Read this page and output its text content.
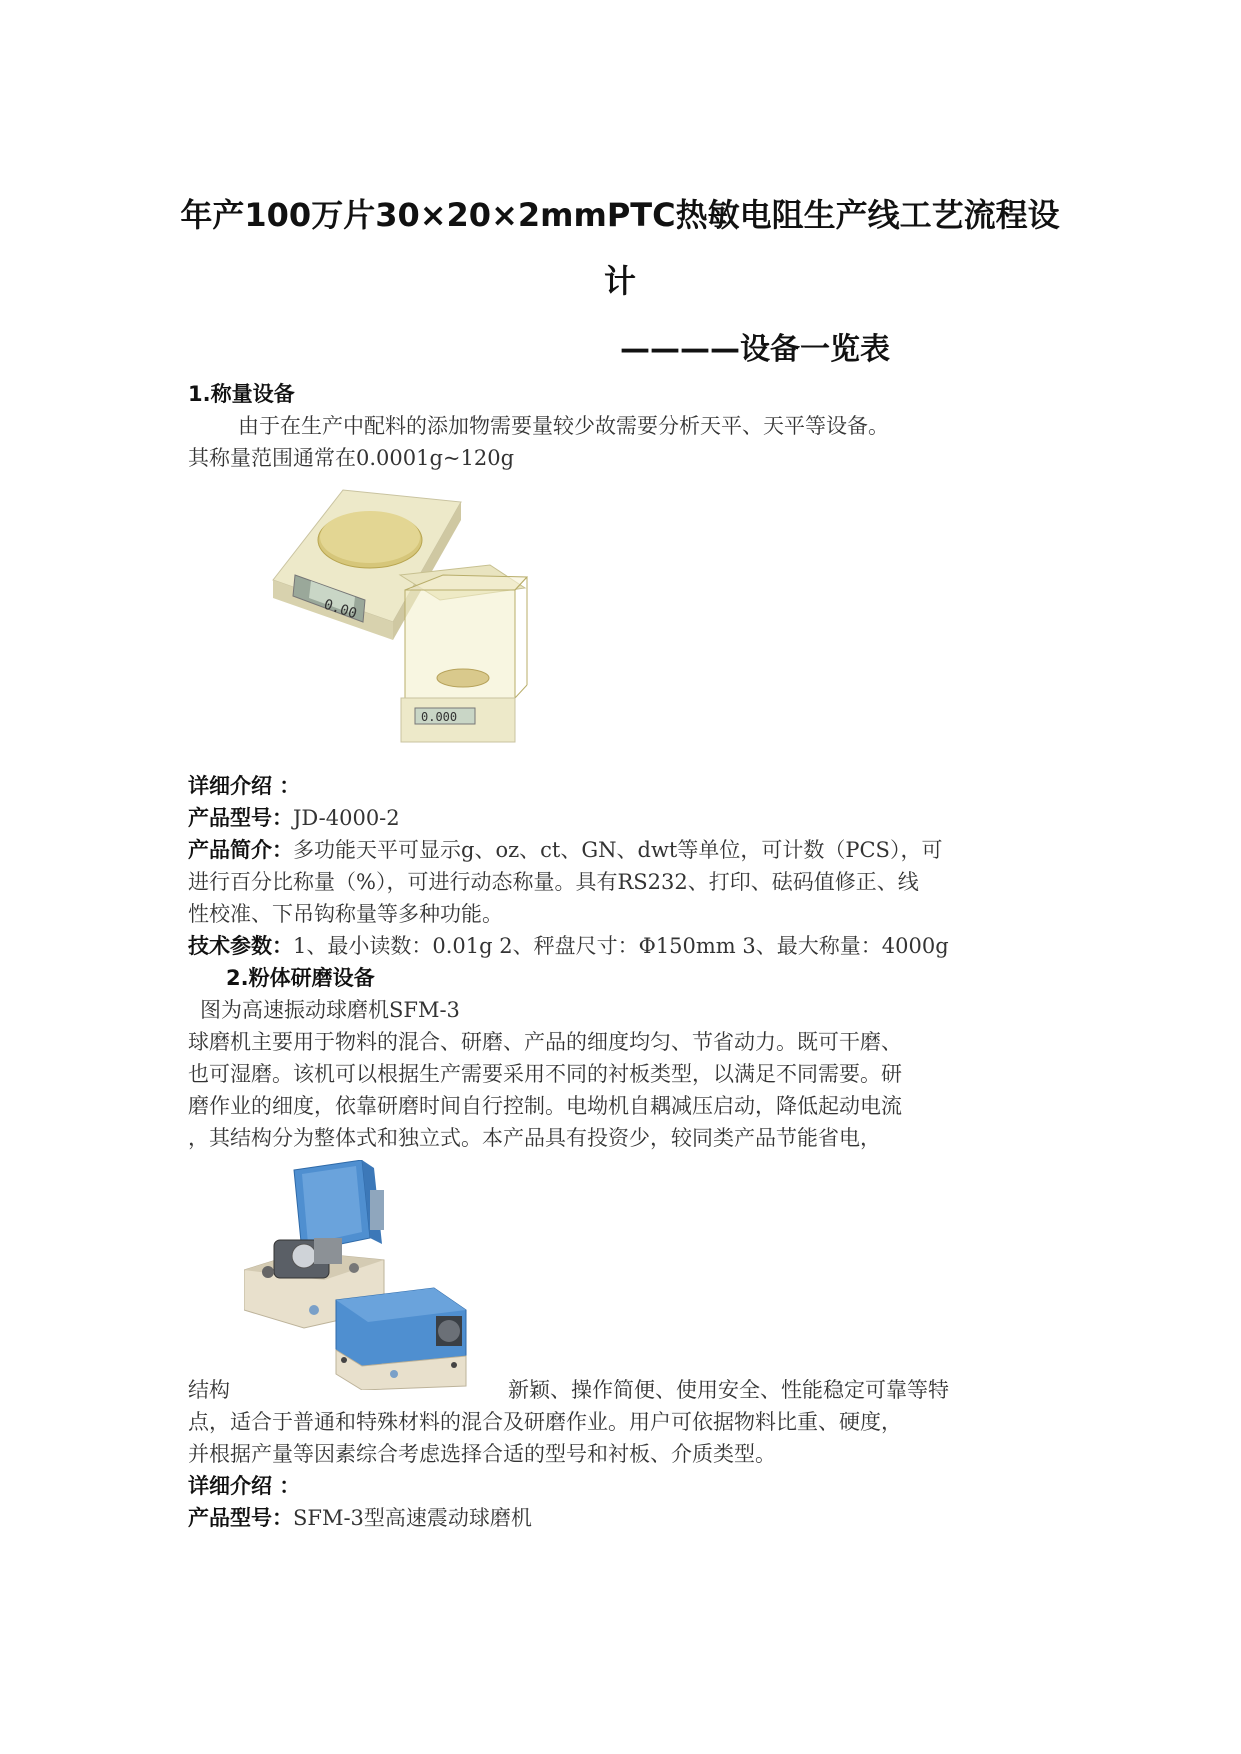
年产100万片30×20×2mmPTC热敏电阻生产线工艺流程设
计
————设备一览表
1.称量设备
由于在生产中配料的添加物需要量较少故需要分析天平、天平等设备。
其称量范围通常在0.0001g~120g
0.00
0.000
详细介绍 ：
产品型号：JD-4000-2
产品简介：多功能天平可显示g、oz、ct、GN、dwt等单位，可计数（PCS），可
进行百分比称量（%），可进行动态称量。具有RS232、打印、砝码值修正、线
性校准、下吊钩称量等多种功能。
技术参数：1、最小读数：0.01g 2、秤盘尺寸：Φ150mm 3、最大称量：4000g
2.粉体研磨设备
图为高速振动球磨机SFM-3
球磨机主要用于物料的混合、研磨、产品的细度均匀、节省动力。既可干磨、
也可湿磨。该机可以根据生产需要采用不同的衬板类型，以满足不同需要。研
磨作业的细度，依靠研磨时间自行控制。电坳机自耦减压启动，降低起动电流
，其结构分为整体式和独立式。本产品具有投资少，较同类产品节能省电，
结构	新颖、操作简便、使用安全、性能稳定可靠等特
点，适合于普通和特殊材料的混合及研磨作业。用户可依据物料比重、硬度，
并根据产量等因素综合考虑选择合适的型号和衬板、介质类型。
详细介绍 ：
产品型号：SFM-3型高速震动球磨机
